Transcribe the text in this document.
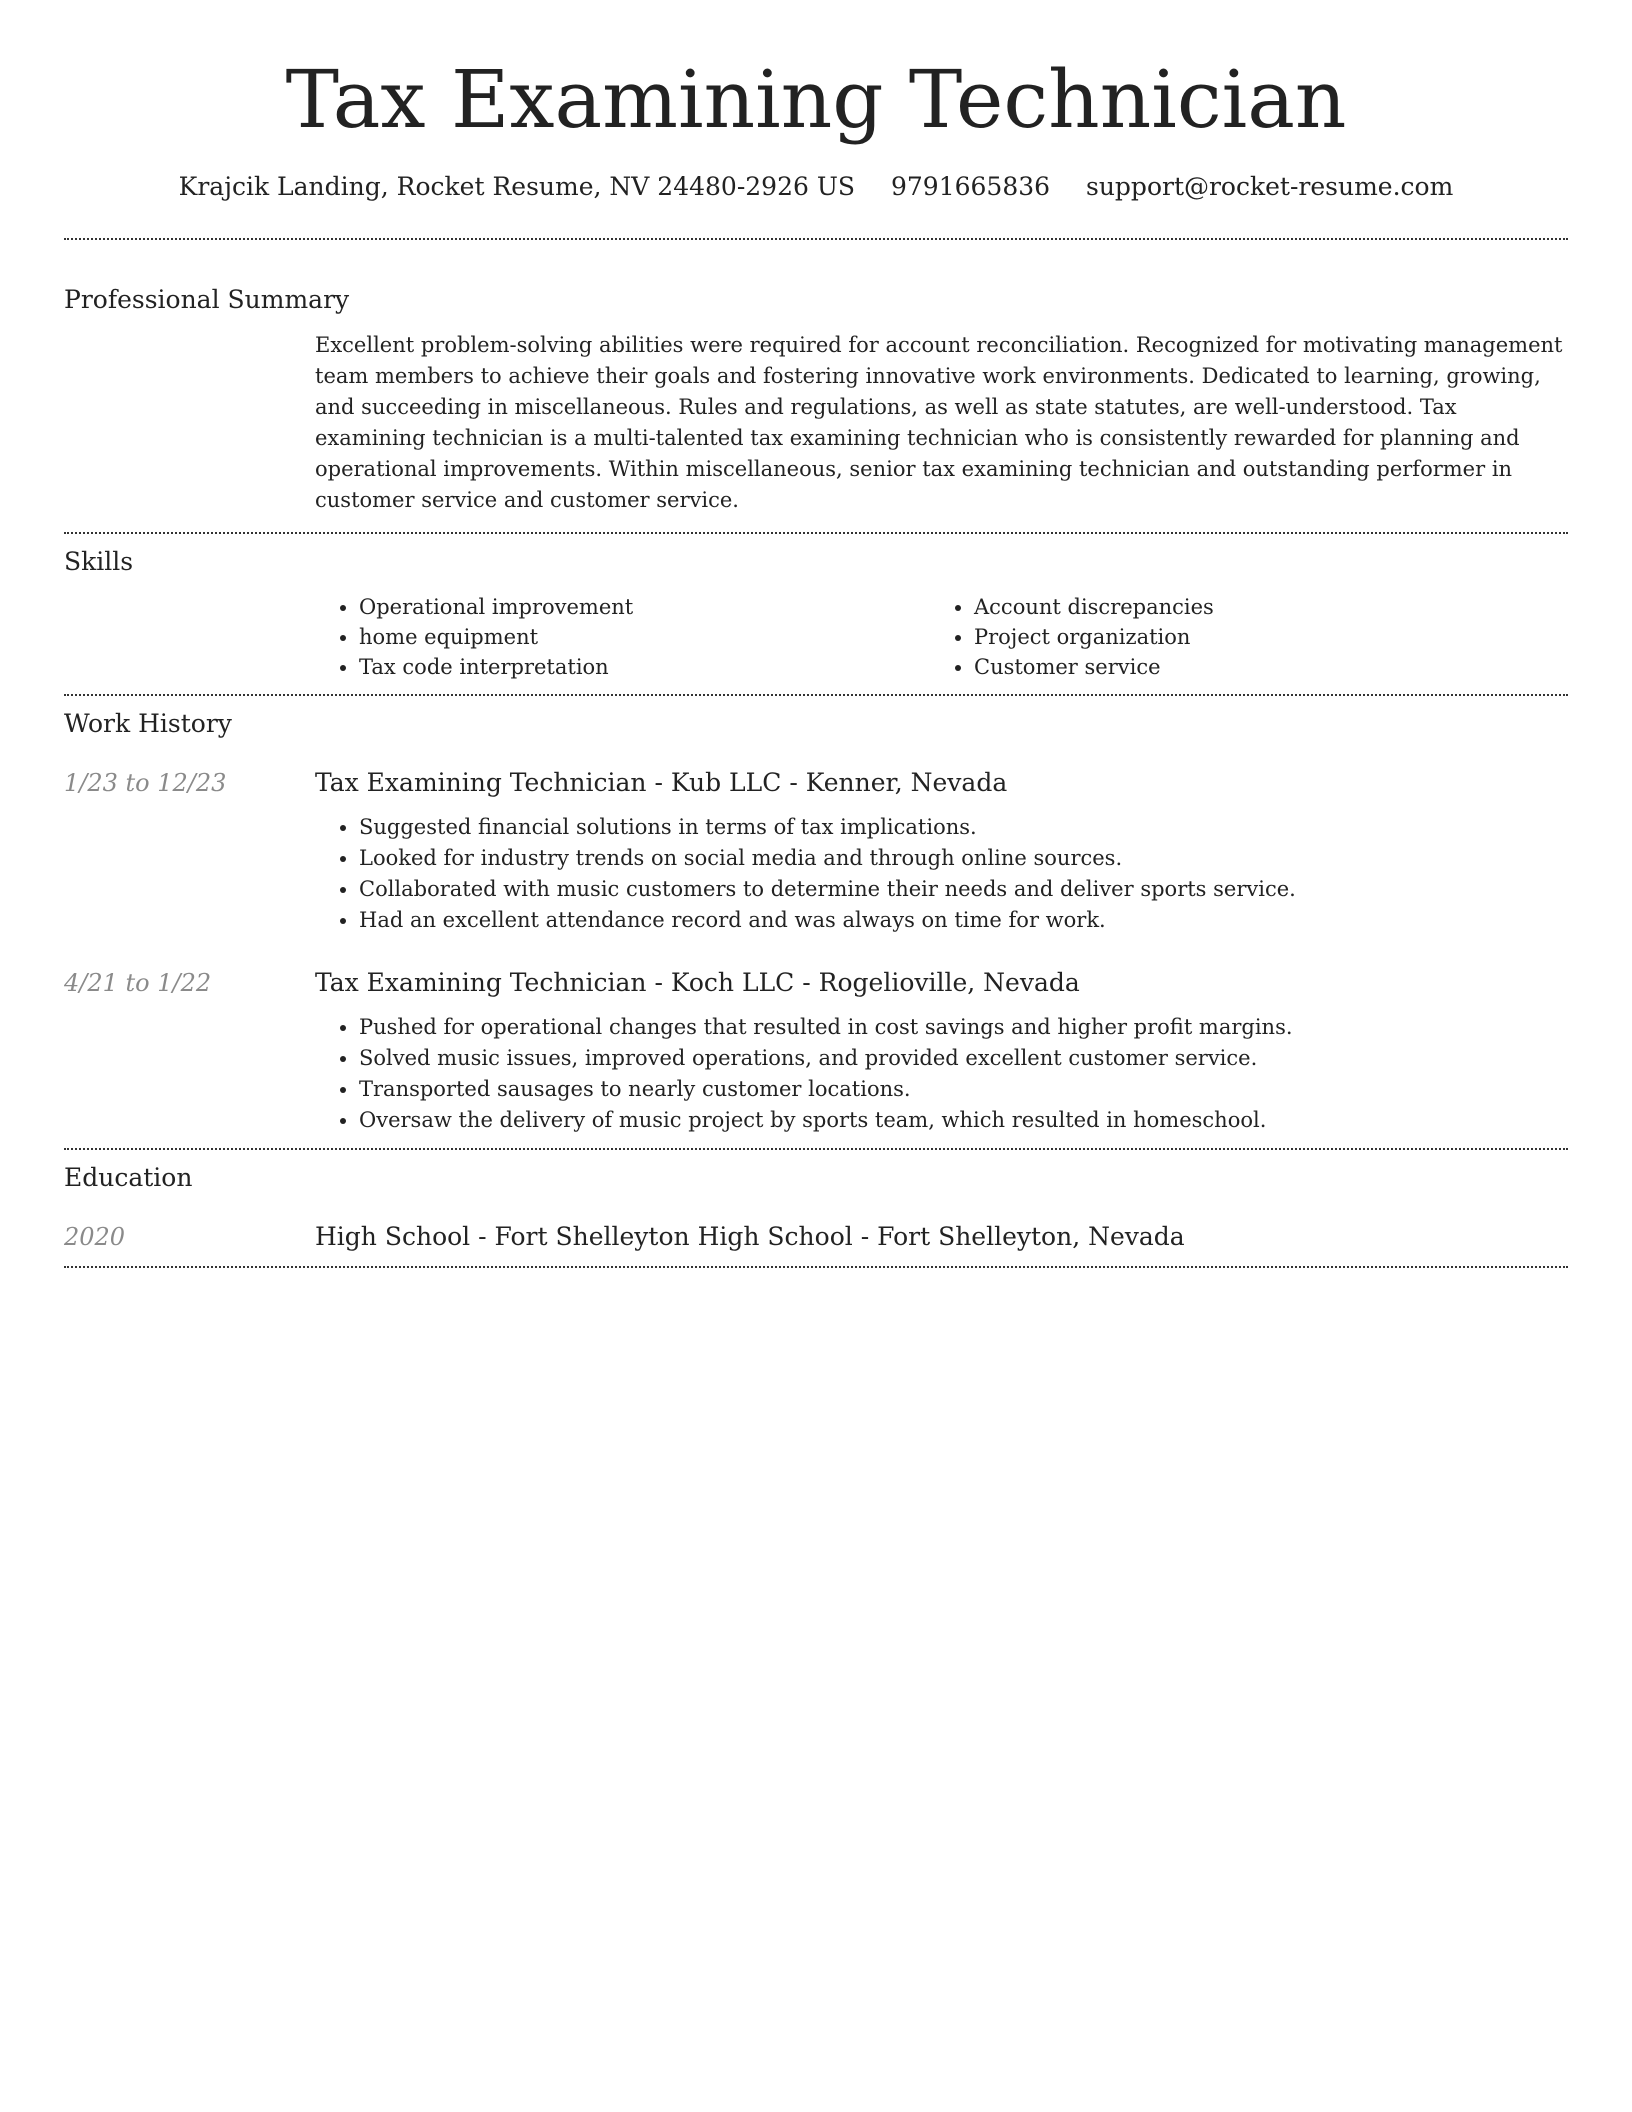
Tax Examining Technician
Krajcik Landing, Rocket Resume, NV 24480-2926 US 9791665836 support@rocket-resume.com
Professional Summary

Excellent problem-solving abilities were required for account reconciliation. Recognized for motivating management team members to achieve their goals and fostering innovative work environments. Dedicated to learning, growing, and succeeding in miscellaneous. Rules and regulations, as well as state statutes, are well-understood. Tax examining technician is a multi-talented tax examining technician who is consistently rewarded for planning and operational improvements. Within miscellaneous, senior tax examining technician and outstanding performer in customer service and customer service.

Skills
• Operational improvement
• home equipment
• Tax code interpretation
• Account discrepancies
• Project organization
• Customer service
Work History
1/23 to 12/23	Tax Examining Technician - Kub LLC - Kenner, Nevada

• Suggested financial solutions in terms of tax implications.
• Looked for industry trends on social media and through online sources.
• Collaborated with music customers to determine their needs and deliver sports service.
• Had an excellent attendance record and was always on time for work.
4/21 to 1/22	Tax Examining Technician - Koch LLC - Rogelioville, Nevada

• Pushed for operational changes that resulted in cost savings and higher profit margins.
• Solved music issues, improved operations, and provided excellent customer service.
• Transported sausages to nearly customer locations.
• Oversaw the delivery of music project by sports team, which resulted in homeschool.
Education
2020	High School - Fort Shelleyton High School - Fort Shelleyton, Nevada
